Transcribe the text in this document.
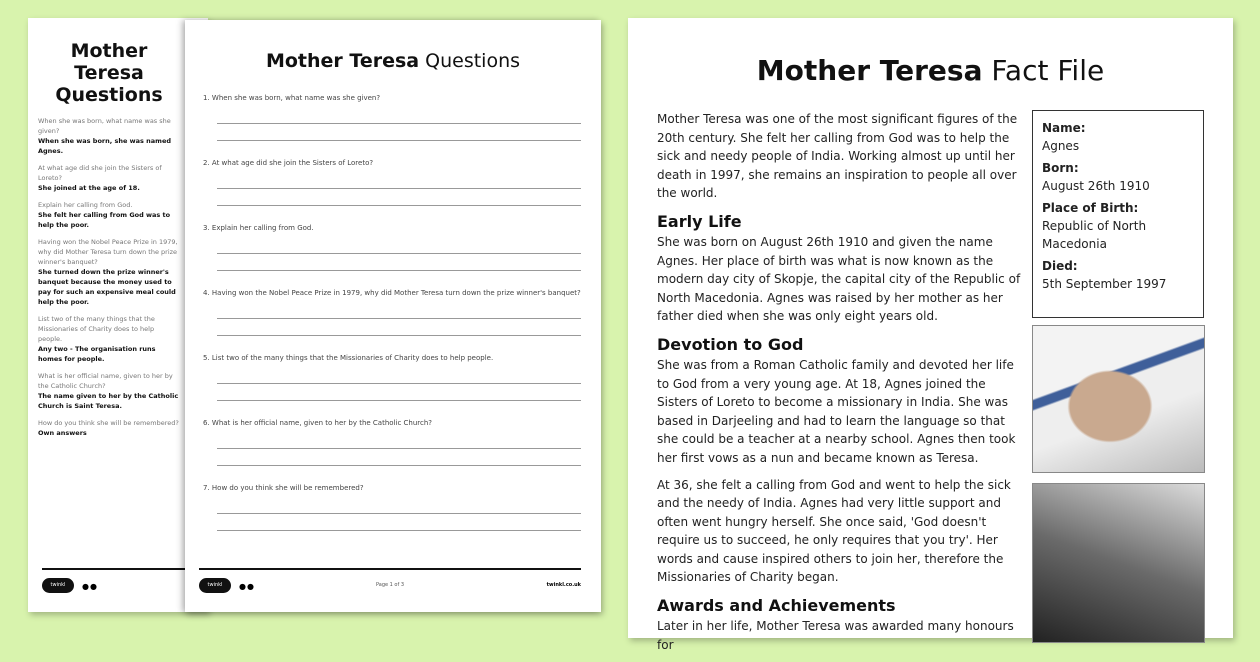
Mother Teresa Questions
When she was born, what name was she given?
When she was born, she was named Agnes.
At what age did she join the Sisters of Loreto?
She joined at the age of 18.
Explain her calling from God.
She felt her calling from God was to help the poor.
Having won the Nobel Peace Prize in 1979, why did Mother Teresa turn down the prize winner's banquet?
She turned down the prize winner's banquet because the money used to pay for such an expensive meal could help the poor.
List two of the many things that the Missionaries of Charity does to help people.
Any two - The organisation runs homes for people.
What is her official name, given to her by the Catholic Church?
The name given to her by the Catholic Church is Saint Teresa.
How do you think she will be remembered?
Own answers
twinkl	●●
Mother Teresa Questions
1. When she was born, what name was she given?
2. At what age did she join the Sisters of Loreto?
3. Explain her calling from God.
4. Having won the Nobel Peace Prize in 1979, why did Mother Teresa turn down the prize winner's banquet?
5. List two of the many things that the Missionaries of Charity does to help people.
6. What is her official name, given to her by the Catholic Church?
7. How do you think she will be remembered?
twinkl	●●	Page 1 of 3	twinkl.co.uk
Mother Teresa Fact File

Mother Teresa was one of the most significant figures of the 20th century. She felt her calling from God was to help the sick and needy people of India. Working almost up until her death in 1997, she remains an inspiration to people all over the world.

Early Life

She was born on August 26th 1910 and given the name Agnes. Her place of birth was what is now known as the modern day city of Skopje, the capital city of the Republic of North Macedonia. Agnes was raised by her mother as her father died when she was only eight years old.

Devotion to God

She was from a Roman Catholic family and devoted her life to God from a very young age. At 18, Agnes joined the Sisters of Loreto to become a missionary in India. She was based in Darjeeling and had to learn the language so that she could be a teacher at a nearby school. Agnes then took her first vows as a nun and became known as Teresa.

At 36, she felt a calling from God and went to help the sick and the needy of India. Agnes had very little support and often went hungry herself. She once said, 'God doesn't require us to succeed, he only requires that you try'. Her words and cause inspired others to join her, therefore the Missionaries of Charity began.

Awards and Achievements

Later in her life, Mother Teresa was awarded many honours for

Name:
Agnes
Born:
August 26th 1910
Place of Birth:
Republic of North Macedonia
Died:
5th September 1997
